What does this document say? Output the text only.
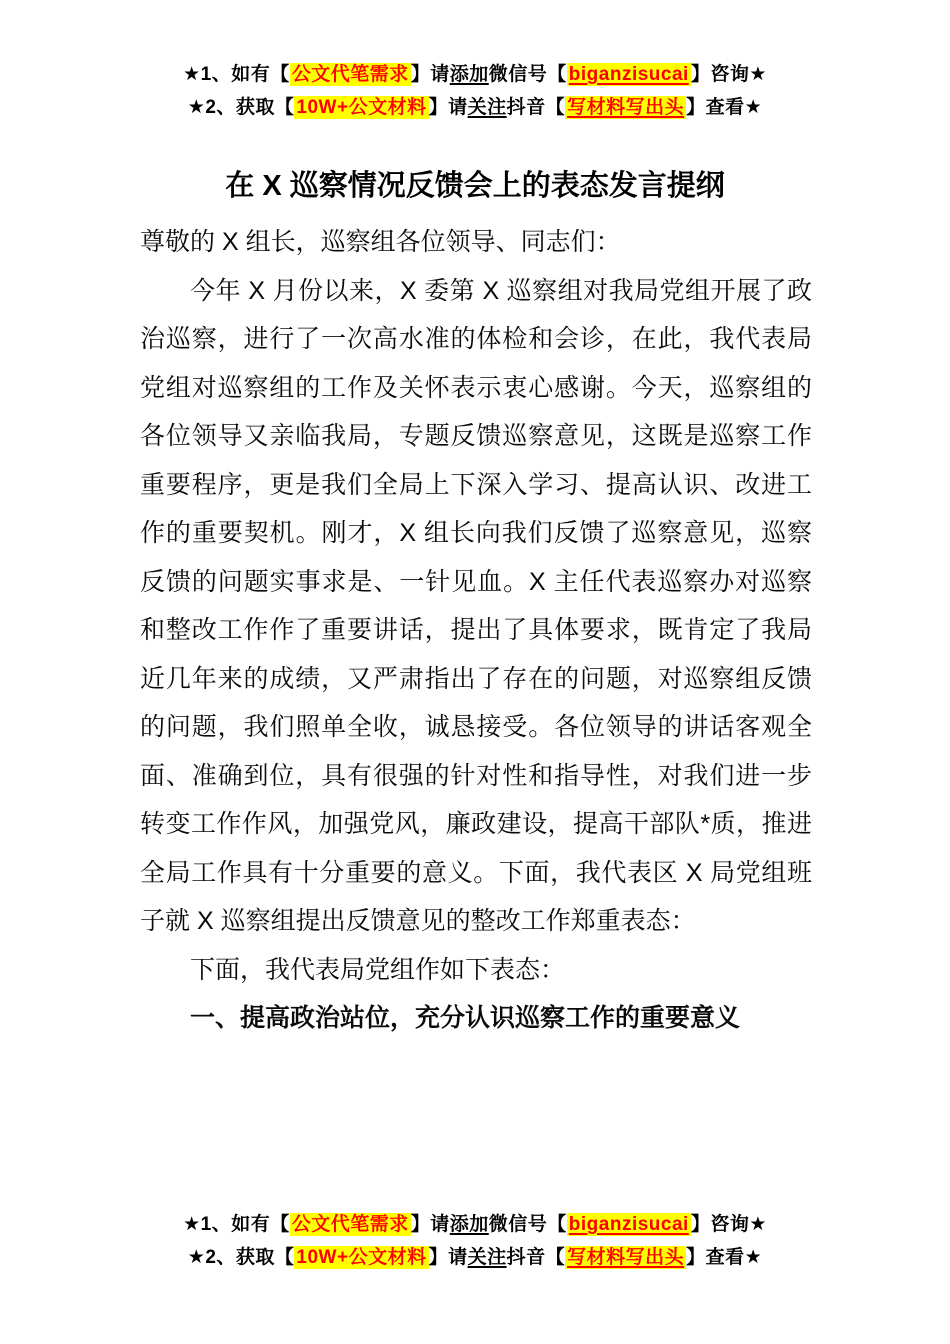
★1、如有【 公文代笔需求 】请添加微信号【 biganzisucai 】咨询★
★2、获取【 10W+公文材料 】请关注抖音【 写材料写出头 】查看★
在 X 巡察情况反馈会上的表态发言提纲

尊敬的 X 组长，巡察组各位领导、同志们：

今年 X 月份以来，X 委第 X 巡察组对我局党组开展了政治巡察，进行了一次高水准的体检和会诊，在此，我代表局党组对巡察组的工作及关怀表示衷心感谢。今天，巡察组的各位领导又亲临我局，专题反馈巡察意见，这既是巡察工作重要程序，更是我们全局上下深入学习、提高认识、改进工作的重要契机。刚才，X 组长向我们反馈了巡察意见，巡察反馈的问题实事求是、一针见血。X 主任代表巡察办对巡察和整改工作作了重要讲话，提出了具体要求，既肯定了我局近几年来的成绩，又严肃指出了存在的问题，对巡察组反馈的问题，我们照单全收，诚恳接受。各位领导的讲话客观全面、准确到位，具有很强的针对性和指导性，对我们进一步转变工作作风，加强党风，廉政建设，提高干部队*质，推进全局工作具有十分重要的意义。下面，我代表区 X 局党组班子就 X 巡察组提出反馈意见的整改工作郑重表态：

下面，我代表局党组作如下表态：

一、提高政治站位，充分认识巡察工作的重要意义

★1、如有【 公文代笔需求 】请添加微信号【 biganzisucai 】咨询★
★2、获取【 10W+公文材料 】请关注抖音【 写材料写出头 】查看★
